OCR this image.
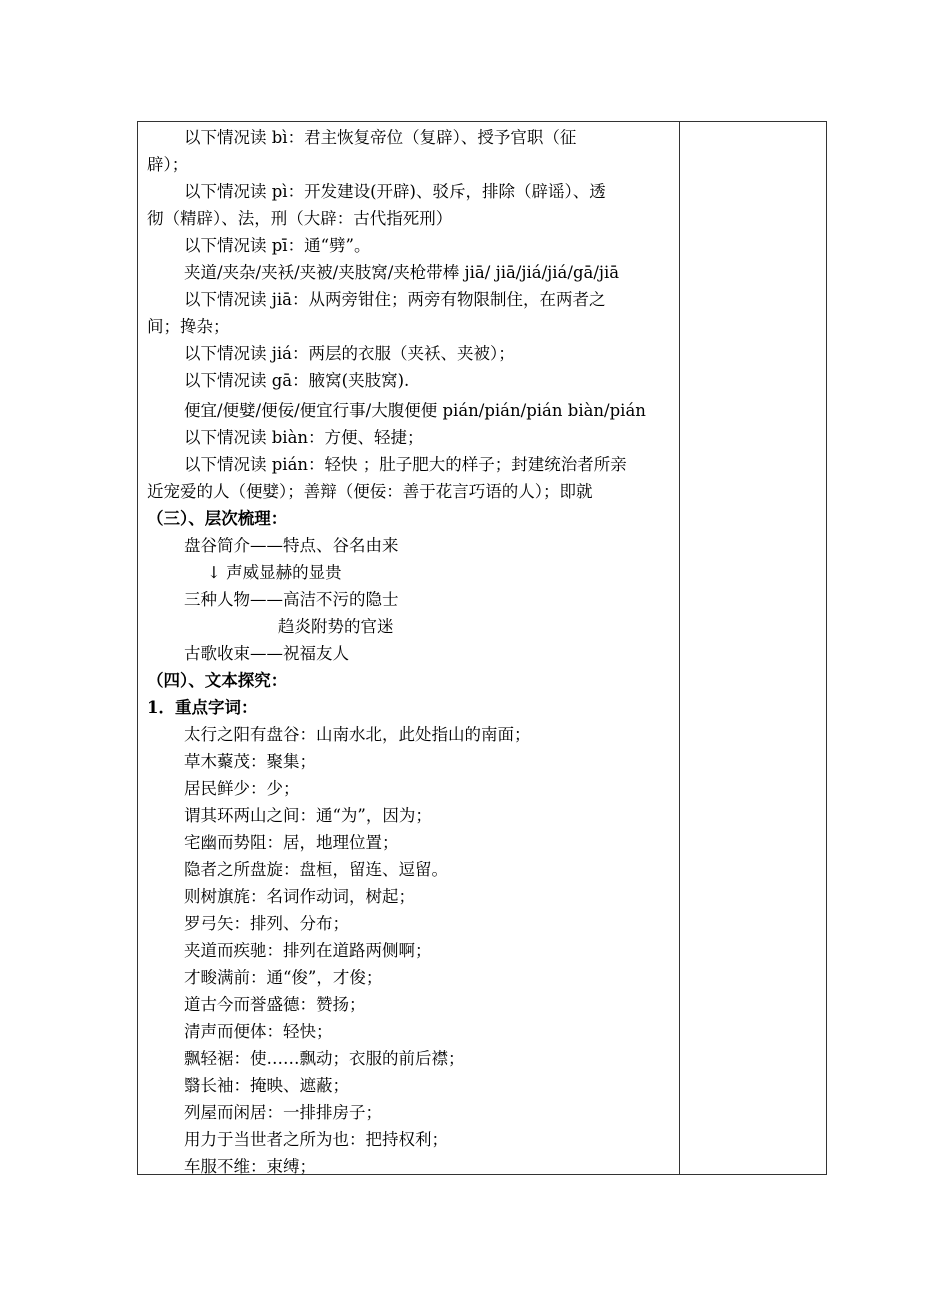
以下情况读 bì：君主恢复帝位（复辟）、授予官职（征
辟）；
以下情况读 pì：开发建设(开辟)、驳斥，排除（辟谣）、透
彻（精辟）、法，刑（大辟：古代指死刑）
以下情况读 pī：通“劈”。
夹道/夹杂/夹袄/夹被/夹肢窝/夹枪带棒 jiā/ jiā/jiá/jiá/gā/jiā
以下情况读 jiā：从两旁钳住；两旁有物限制住，在两者之
间；搀杂；
以下情况读 jiá：两层的衣服（夹袄、夹被）；
以下情况读 gā：腋窝(夹肢窝).
便宜/便嬖/便佞/便宜行事/大腹便便 pián/pián/pián biàn/pián
以下情况读 biàn：方便、轻捷；
以下情况读 pián：轻快 ；肚子肥大的样子；封建统治者所亲
近宠爱的人（便嬖）；善辩（便佞：善于花言巧语的人）；即就
（三）、层次梳理：
盘谷简介——特点、谷名由来
↓ 声威显赫的显贵
三种人物——高洁不污的隐士
趋炎附势的官迷
古歌收束——祝福友人
（四）、文本探究：
1．重点字词：
太行之阳有盘谷：山南水北，此处指山的南面；
草木藂茂：聚集；
居民鲜少：少；
谓其环两山之间：通“为”，因为；
宅幽而势阻：居，地理位置；
隐者之所盘旋：盘桓，留连、逗留。
则树旗旄：名词作动词，树起；
罗弓矢：排列、分布；
夹道而疾驰：排列在道路两侧啊；
才畯满前：通“俊”，才俊；
道古今而誉盛德：赞扬；
清声而便体：轻快；
飘轻裾：使……飘动；衣服的前后襟；
翳长袖：掩映、遮蔽；
列屋而闲居：一排排房子；
用力于当世者之所为也：把持权利；
车服不维：束缚；
